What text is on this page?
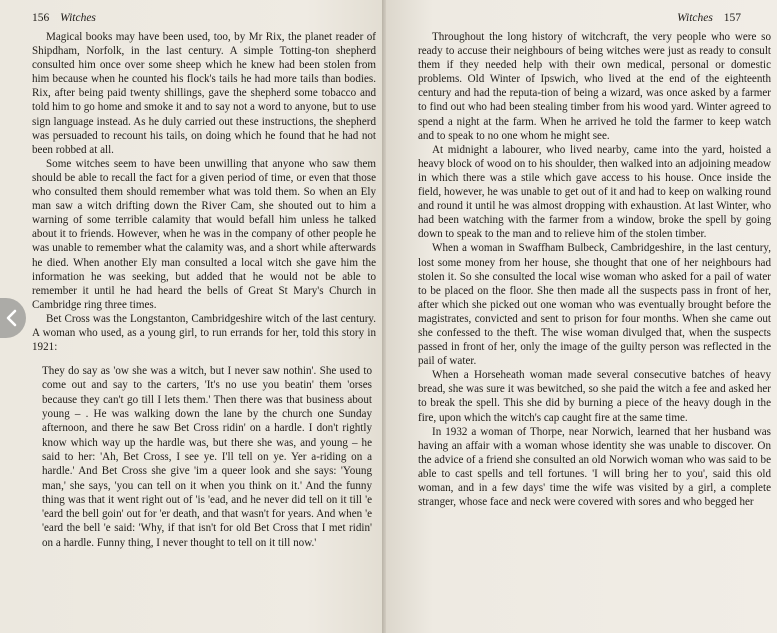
156 Witches

Magical books may have been used, too, by Mr Rix, the planet reader of Shipdham, Norfolk, in the last century. A simple Totting-ton shepherd consulted him once over some sheep which he knew had been stolen from him because when he counted his flock's tails he had more tails than bodies. Rix, after being paid twenty shillings, gave the shepherd some tobacco and told him to go home and smoke it and to say not a word to anyone, but to use sign language instead. As he duly carried out these instructions, the shepherd was persuaded to recount his tails, on doing which he found that he had not been robbed at all.

Some witches seem to have been unwilling that anyone who saw them should be able to recall the fact for a given period of time, or even that those who consulted them should remember what was told them. So when an Ely man saw a witch drifting down the River Cam, she shouted out to him a warning of some terrible calamity that would befall him unless he talked about it to friends. However, when he was in the company of other people he was unable to remember what the calamity was, and a short while afterwards he died. When another Ely man consulted a local witch she gave him the information he was seeking, but added that he would not be able to remember it until he had heard the bells of Great St Mary's Church in Cambridge ring three times.

Bet Cross was the Longstanton, Cambridgeshire witch of the last century. A woman who used, as a young girl, to run errands for her, told this story in 1921:

They do say as 'ow she was a witch, but I never saw nothin'. She used to come out and say to the carters, 'It's no use you beatin' them 'orses because they can't go till I lets them.' Then there was that business about young – . He was walking down the lane by the church one Sunday afternoon, and there he saw Bet Cross ridin' on a hardle. I don't rightly know which way up the hardle was, but there she was, and young – he said to her: 'Ah, Bet Cross, I see ye. I'll tell on ye. Yer a-riding on a hardle.' And Bet Cross she give 'im a queer look and she says: 'Young man,' she says, 'you can tell on it when you think on it.' And the funny thing was that it went right out of 'is 'ead, and he never did tell on it till 'e 'eard the bell goin' out for 'er death, and that wasn't for years. And when 'e 'eard the bell 'e said: 'Why, if that isn't for old Bet Cross that I met ridin' on a hardle. Funny thing, I never thought to tell on it till now.'

Witches 157

Throughout the long history of witchcraft, the very people who were so ready to accuse their neighbours of being witches were just as ready to consult them if they needed help with their own medical, personal or domestic problems. Old Winter of Ipswich, who lived at the end of the eighteenth century and had the reputa-tion of being a wizard, was once asked by a farmer to find out who had been stealing timber from his wood yard. Winter agreed to spend a night at the farm. When he arrived he told the farmer to keep watch and to speak to no one whom he might see.

At midnight a labourer, who lived nearby, came into the yard, hoisted a heavy block of wood on to his shoulder, then walked into an adjoining meadow in which there was a stile which gave access to his house. Once inside the field, however, he was unable to get out of it and had to keep on walking round and round it until he was almost dropping with exhaustion. At last Winter, who had been watching with the farmer from a window, broke the spell by going down to speak to the man and to relieve him of the stolen timber.

When a woman in Swaffham Bulbeck, Cambridgeshire, in the last century, lost some money from her house, she thought that one of her neighbours had stolen it. So she consulted the local wise woman who asked for a pail of water to be placed on the floor. She then made all the suspects pass in front of her, after which she picked out one woman who was eventually brought before the magistrates, convicted and sent to prison for four months. When she came out she confessed to the theft. The wise woman divulged that, when the suspects passed in front of her, only the image of the guilty person was reflected in the pail of water.

When a Horseheath woman made several consecutive batches of heavy bread, she was sure it was bewitched, so she paid the witch a fee and asked her to break the spell. This she did by burning a piece of the heavy dough in the fire, upon which the witch's cap caught fire at the same time.

In 1932 a woman of Thorpe, near Norwich, learned that her husband was having an affair with a woman whose identity she was unable to discover. On the advice of a friend she consulted an old Norwich woman who was said to be able to cast spells and tell fortunes. 'I will bring her to you', said this old woman, and in a few days' time the wife was visited by a girl, a complete stranger, whose face and neck were covered with sores and who begged her
